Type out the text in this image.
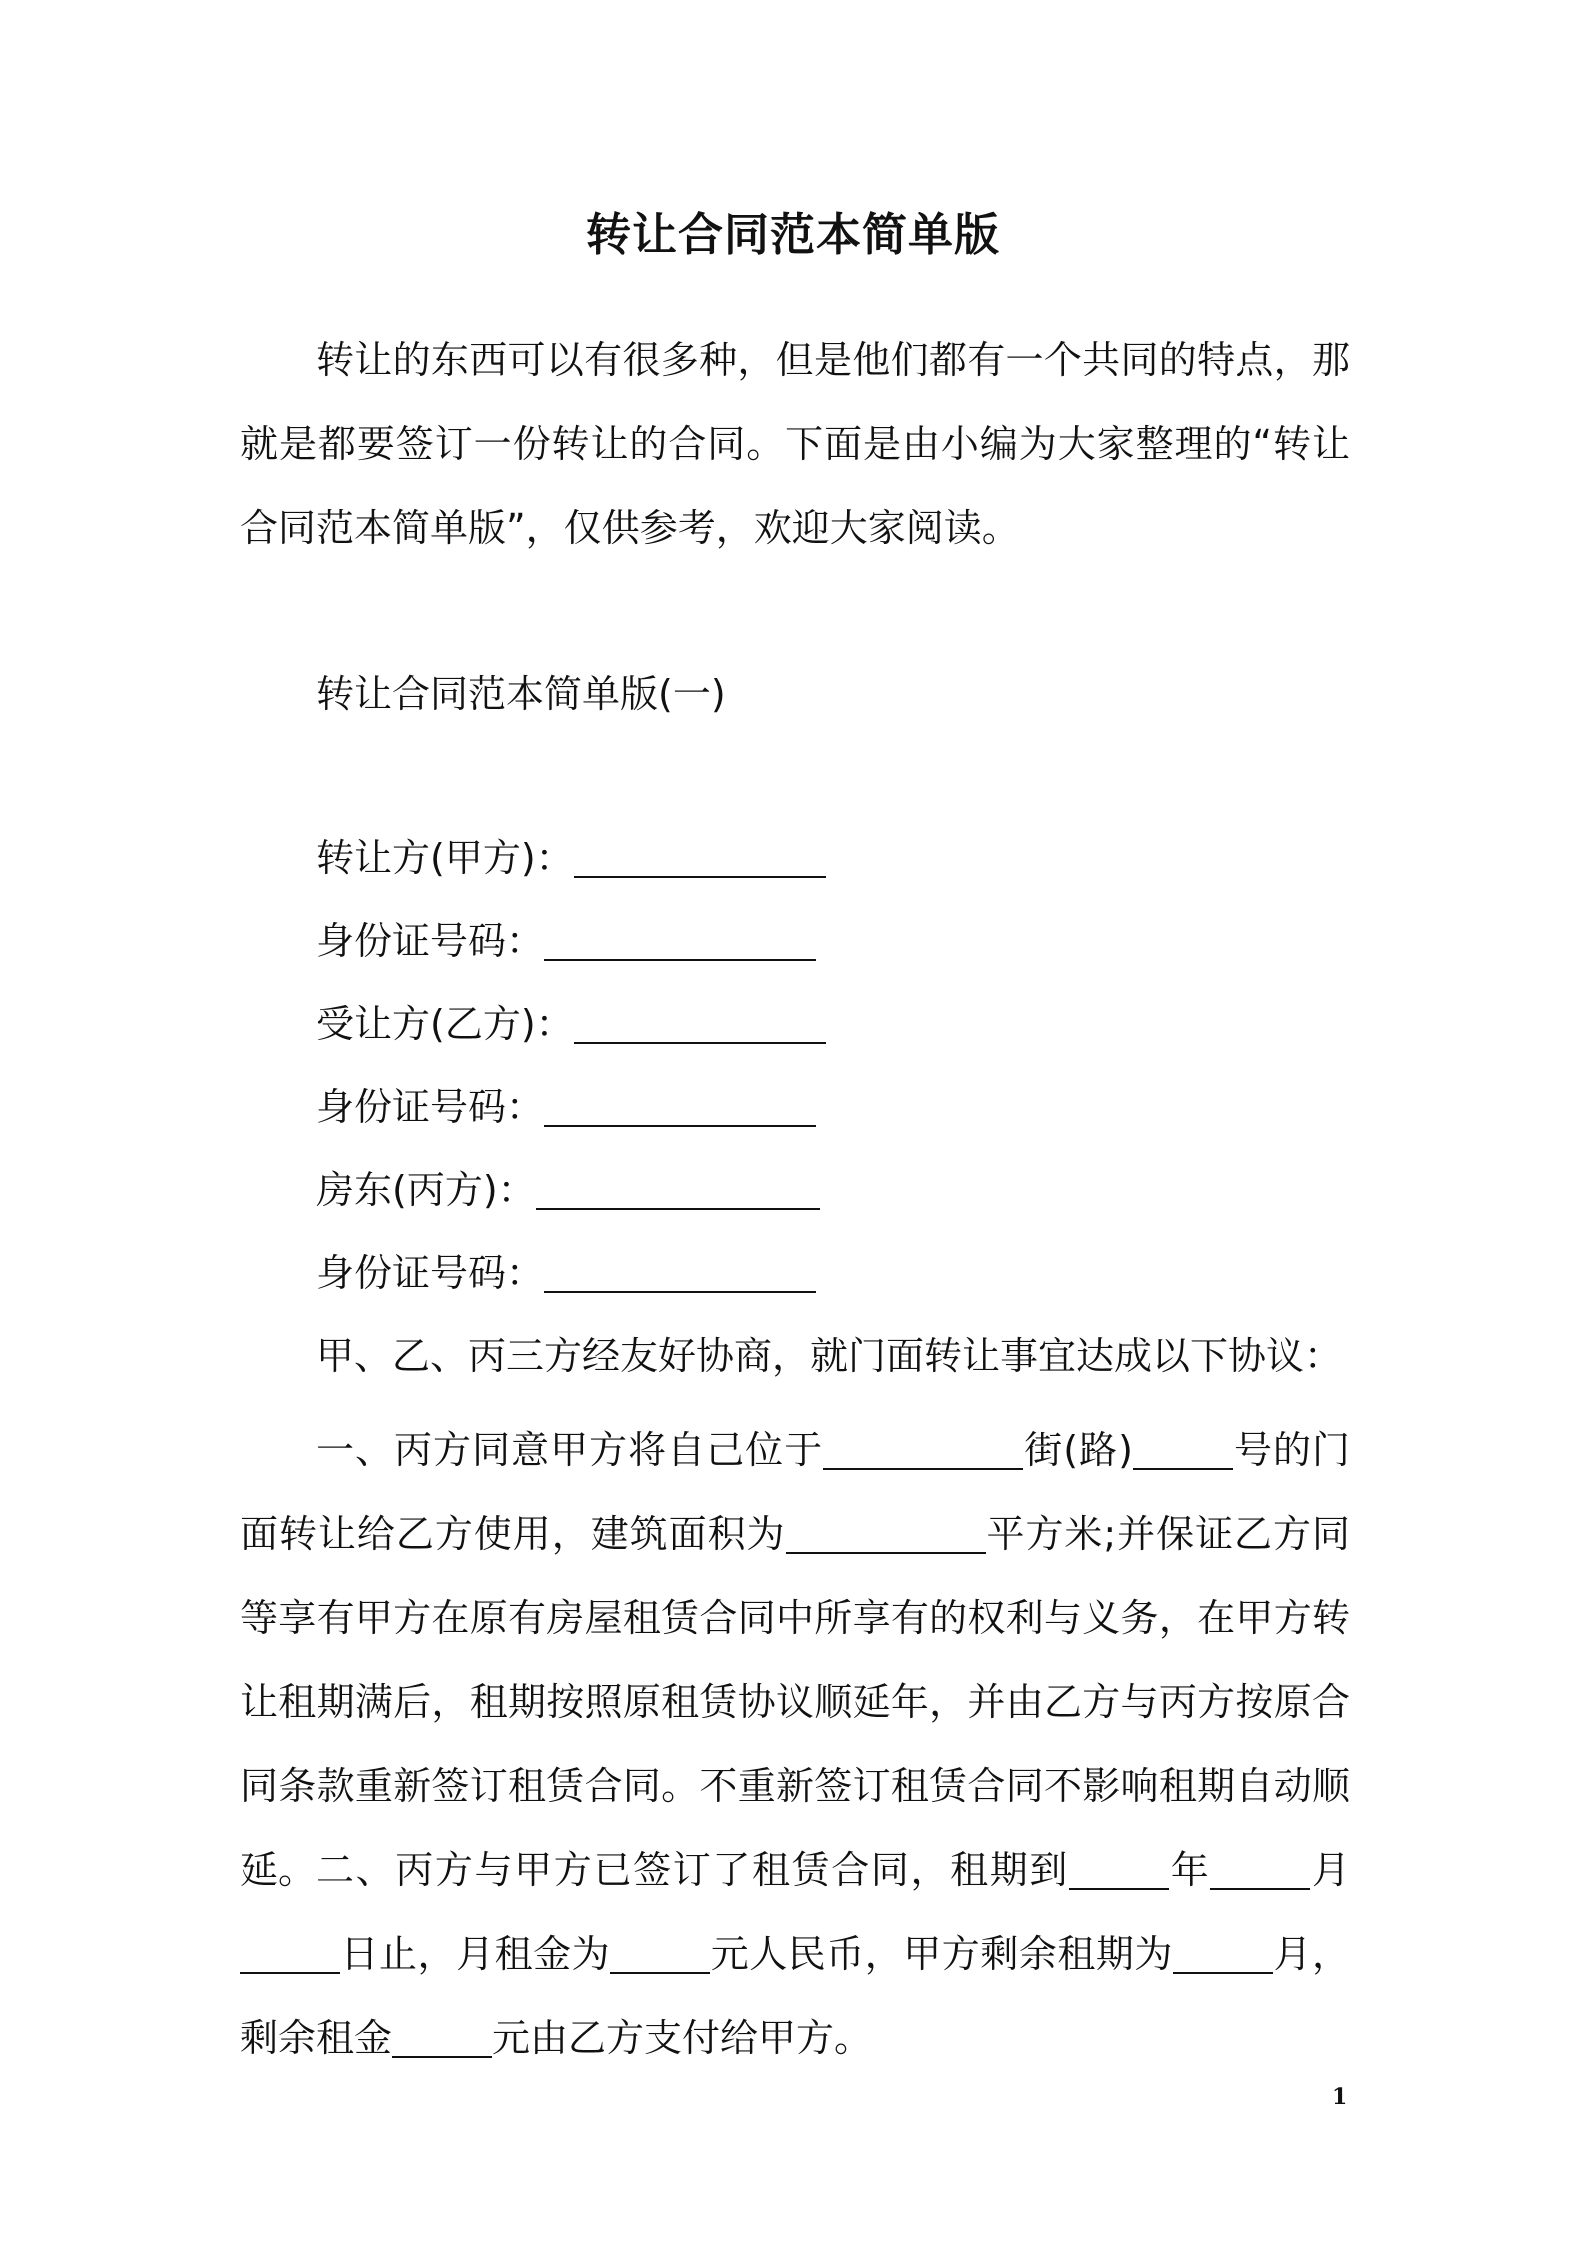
转让合同范本简单版
转让的东西可以有很多种，但是他们都有一个共同的特点，那就是都要签订一份转让的合同。下面是由小编为大家整理的“转让合同范本简单版”，仅供参考，欢迎大家阅读。
转让合同范本简单版(一)
转让方(甲方)：
身份证号码：
受让方(乙方)：
身份证号码：
房东(丙方)：
身份证号码：
甲、乙、丙三方经友好协商，就门面转让事宜达成以下协议：
一、丙方同意甲方将自己位于	街(路)	号的门面转让给乙方使用，建筑面积为	平方米;并保证乙方同等享有甲方在原有房屋租赁合同中所享有的权利与义务，在甲方转让租期满后，租期按照原租赁协议顺延年，并由乙方与丙方按原合同条款重新签订租赁合同。不重新签订租赁合同不影响租期自动顺延。 二、丙方与甲方已签订了租赁合同，租期到	年	月 日止，月租金为	元人民币，甲方剩余租期为	月，剩余租金	元由乙方支付给甲方。
1
